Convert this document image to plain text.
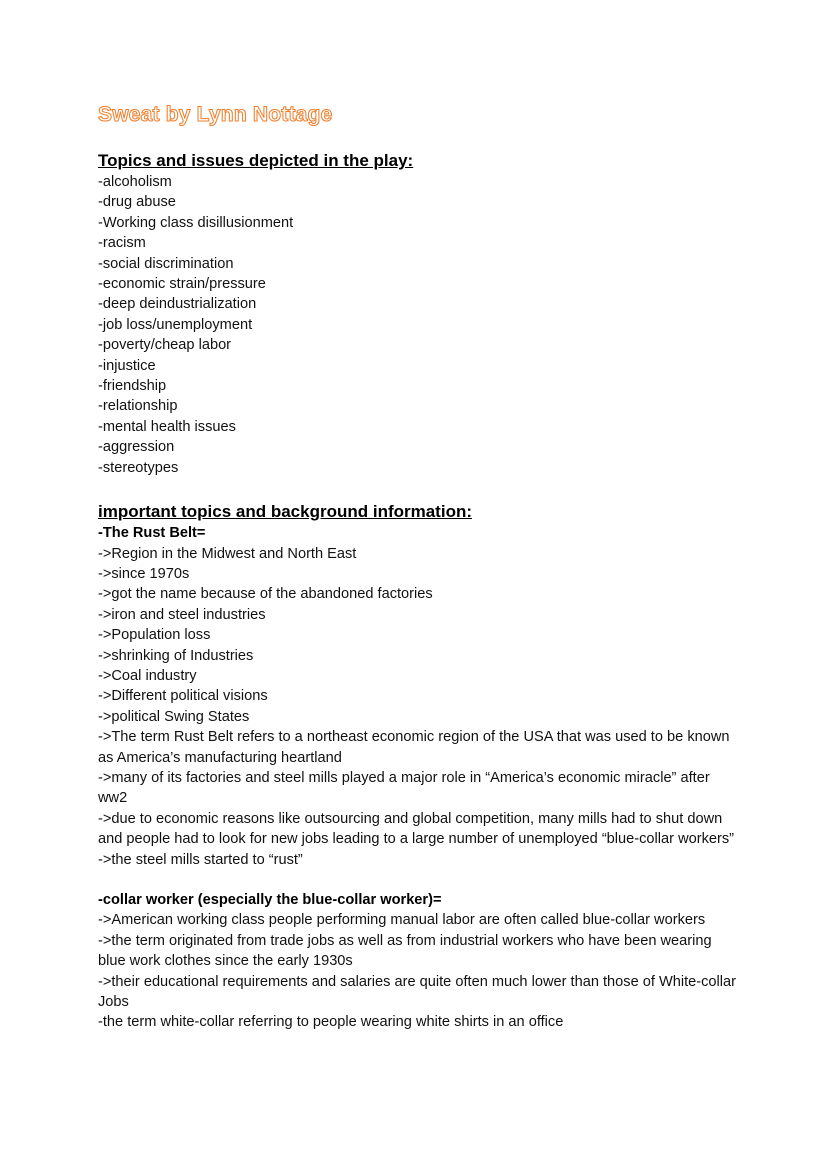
Sweat by Lynn Nottage
Topics and issues depicted in the play:
-alcoholism
-drug abuse
-Working class disillusionment
-racism
-social discrimination
-economic strain/pressure
-deep deindustrialization
-job loss/unemployment
-poverty/cheap labor
-injustice
-friendship
-relationship
-mental health issues
-aggression
-stereotypes
important topics and background information:

-The Rust Belt=

->Region in the Midwest and North East
->since 1970s
->got the name because of the abandoned factories
->iron and steel industries
->Population loss
->shrinking of Industries
->Coal industry
->Different political visions
->political Swing States
->The term Rust Belt refers to a northeast economic region of the USA that was used to be known as America’s manufacturing heartland
->many of its factories and steel mills played a major role in “America’s economic miracle” after ww2
->due to economic reasons like outsourcing and global competition, many mills had to shut down and people had to look for new jobs leading to a large number of unemployed “blue-collar workers”
->the steel mills started to “rust”

-collar worker (especially the blue-collar worker)=

->American working class people performing manual labor are often called blue-collar workers
->the term originated from trade jobs as well as from industrial workers who have been wearing blue work clothes since the early 1930s
->their educational requirements and salaries are quite often much lower than those of White-collar Jobs
-the term white-collar referring to people wearing white shirts in an office
